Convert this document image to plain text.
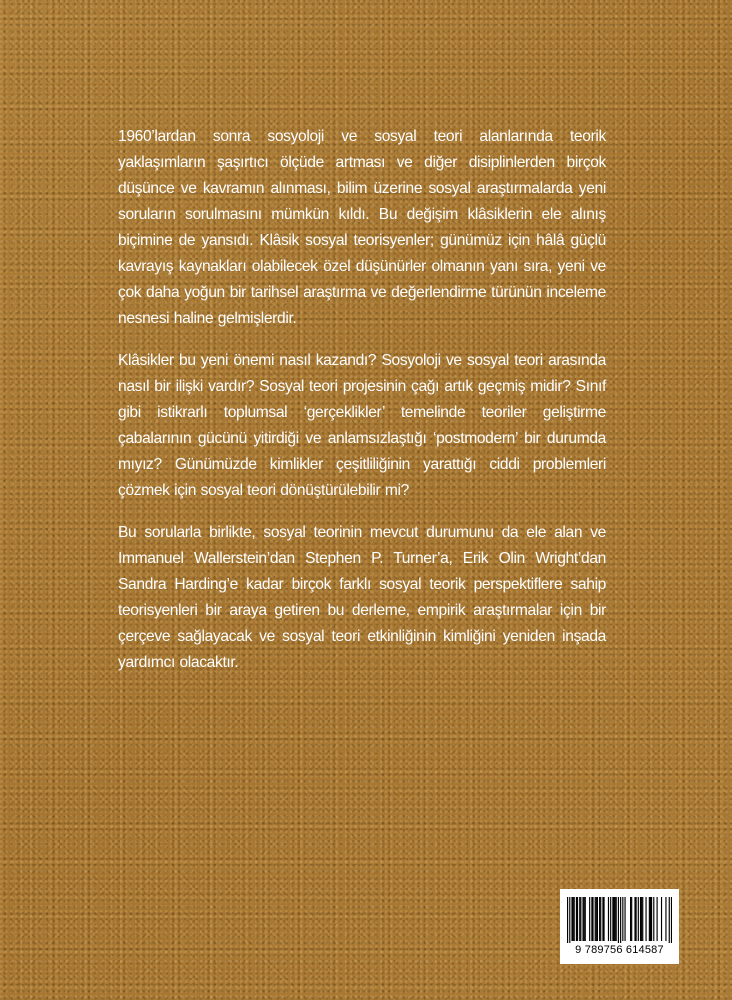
1960’lardan sonra sosyoloji ve sosyal teori alanlarında teorik yaklaşımların şaşırtıcı ölçüde artması ve diğer disiplinlerden birçok düşünce ve kavramın alınması, bilim üzerine sosyal araştırmalarda yeni soruların sorulmasını mümkün kıldı. Bu değişim klâsiklerin ele alınış biçimine de yansıdı. Klâsik sosyal teorisyenler; günümüz için hâlâ güçlü kavrayış kaynakları olabilecek özel düşünürler olmanın yanı sıra, yeni ve çok daha yoğun bir tarihsel araştırma ve değerlendirme türünün inceleme nesnesi haline gelmişlerdir.

Klâsikler bu yeni önemi nasıl kazandı? Sosyoloji ve sosyal teori arasında nasıl bir ilişki vardır? Sosyal teori projesinin çağı artık geçmiş midir? Sınıf gibi istikrarlı toplumsal ‘gerçeklikler’ temelinde teoriler geliştirme çabalarının gücünü yitirdiği ve anlamsızlaştığı ‘postmodern’ bir durumda mıyız? Günümüzde kimlikler çeşitliliğinin yarattığı ciddi problemleri çözmek için sosyal teori dönüştürülebilir mi?

Bu sorularla birlikte, sosyal teorinin mevcut durumunu da ele alan ve Immanuel Wallerstein’dan Stephen P. Turner’a, Erik Olin Wright’dan Sandra Harding’e kadar birçok farklı sosyal teorik perspektiflere sahip teorisyenleri bir araya getiren bu derleme, empirik araştırmalar için bir çerçeve sağlayacak ve sosyal teori etkinliğinin kimliğini yeniden inşada yardımcı olacaktır.

9 789756 614587
